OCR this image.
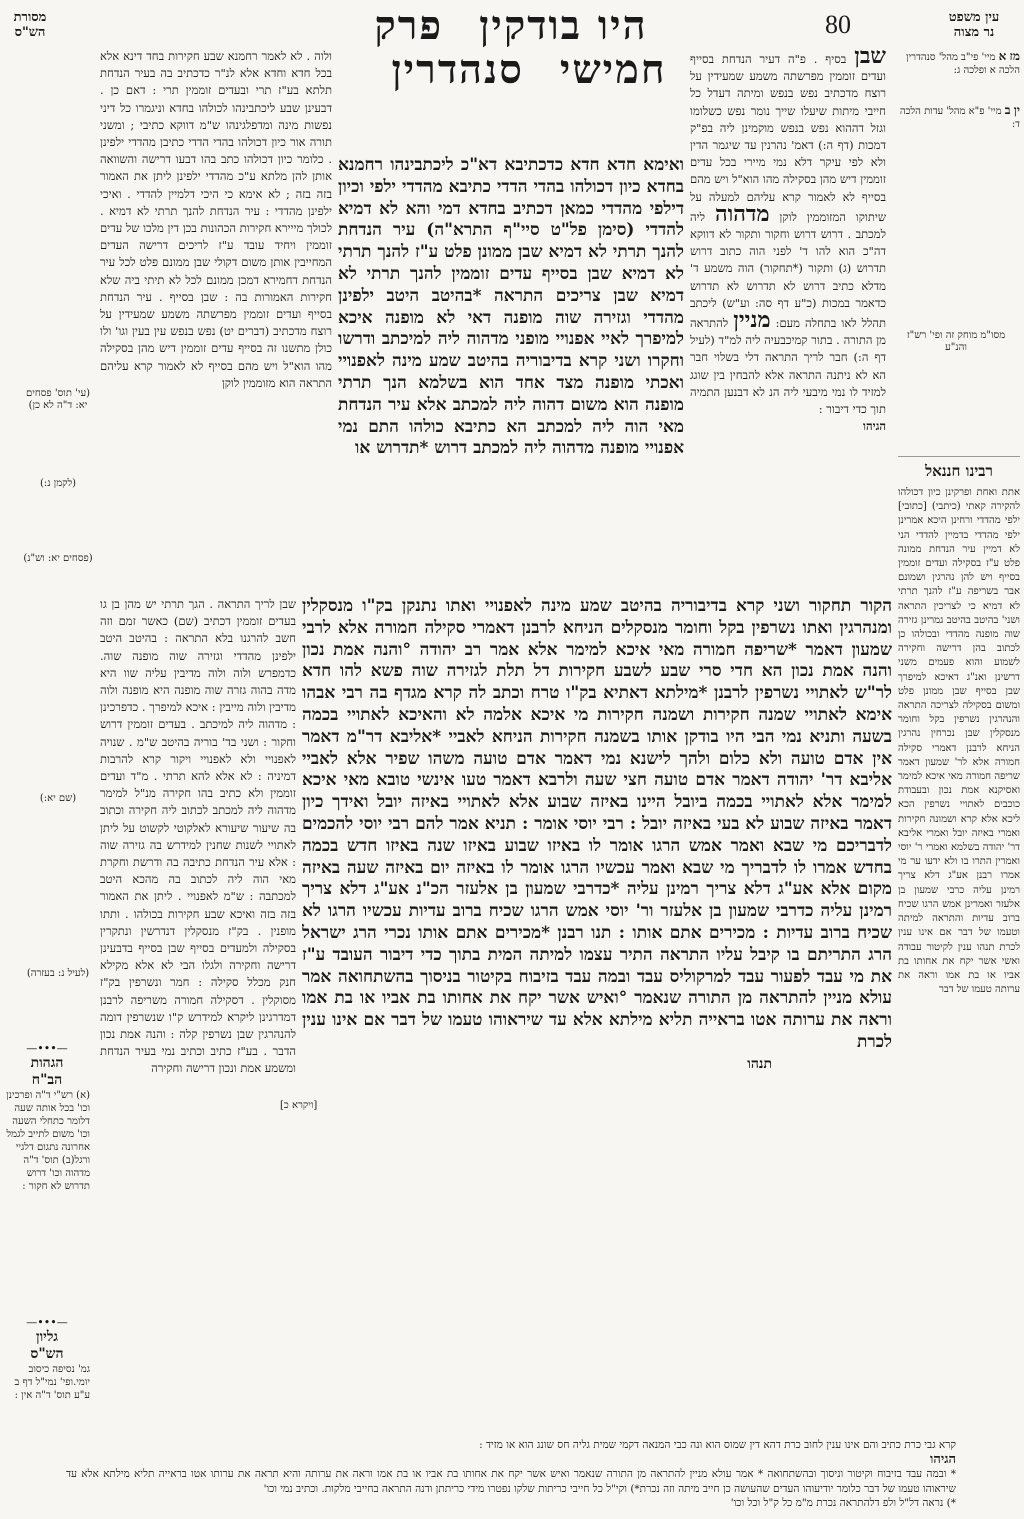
מסורת
הש"ס	היו בודקיןפרק חמישיסנהדרין
80	עין משפט
נר מצוה
מז א מיי' פי"ב מהל' סנהדרין הלכה א ופלכה ג:
ין ב מיי' פ"א מהל' עדות הלכה ד:
מסו"מ מוחק זה ופי' רש"ז והנ"ע
שבן בסיף . פ"ה דעיר הנדחת בסייף ועדים זוממין מפרשתה משמע שמעידין על רוצח מדכתיב נפש בנפש ומיתה דעדל כל חייבי מיתות שיעלו שייך נומר נפש כשלומו וגזל דההוא נפש בנפש מוקמינן ליה בפ"ק דמכות (דף ה:) דאמ' נהרנין עד שיגמר הדין ולא לפי עיקר דלא נמי מיירי בכל עדים זוממין דיש מהן בסקילה מהו הוא"ל ויש מהם בסייף לא לאמור קרא עליהם למעלה על שיתוקו המזוממין לוקן מדהוה ליה למכתב . דרוש דרוש וחקור ותקור לא דווקא דה"כ הוא להו ד' לפני הוה כתוב דרוש תדרוש (ג) ותקור (*תחקור) הוה משמע ד' מדלא כתיב דרוש לא תדרוש לא תדרוש כדאמר במכות (כ"ע דף סה: וע"ש) ליכתב תהלל לאו בתחלה מעם: מניין להתראה מן התורה . בתור קמיכבעיה ליה למ"ד (לעיל דף ה:) חבר לריך התראה דלי בשלוי חבר הא לא ניתנה התראה אלא להבחין בין שוגג למזיד לו נמי מיבעי ליה הנ לא דבנען התמיה תוך כדי דיבור :
הגיהו
רבינו חננאל
אתת ואחת ופרקינן כיון דכולהו להקירה קאתי (כיתבי) [כתובי] ילפי מהדדי ורחינן היכא אמרינן ילפי מהדדי בדמיין להדדי הני לא דמיין עיר הנדחת ממונה פלט ע"ז בסקילה ועדים זוממין בסייף ויש להן נהרגין ושמונם אבר בשריפה ע"ז להנך תרתי לא דמיא כי לצריכין התראה ושני' בהיטב בהיטב גמרינן גזירה שוה מופנה מהדדי ובכולהו כן לכתוב בהן דרישה וחקירה לשמוע והוא פעמים משני דרשינן ואנ"ג דאיכא למיפרך שבן בסייף שבן ממונן פלט ומשום בסקילה לצריכה התראה והנהרגין נשרפין בקל וחומר מנסקלין שבן נכרחין נהרגין הניחא לרבנן דאמרי סקילה חמורה אלא לר' שמעון דאמר שריפה חמורה מאי איכא למימר ואסיקנא אמת נכון ובעבודת כוכבים לאתויי נשרפין הכא ליכא אלא קרא ושמונה חקירות ואמרי באיזה יובל ואמרי אליבא דר' יהודה בשלמא ואמרי ר' יוסי ואמרין התרו בו ולא ידעו ער מי אמרו רבנן אע"ג דלא צריך רמינן עליה כרבי שמעון בן אלעזר ואמרינן אמש הרגו שכיח ברוב עדיות והתראה למיתה וטעמו של דבר אם אינו ענין לכרת תנהו ענין לקיטור עבודה ואשי אשר יקח את אחותו בת אביו או בת אמו וראה את ערותה טעמו של דבר
ולוה . לא לאמר רחמנא שבע חקירות בחד דינא אלא בכל חדא וחדא אלא לנ"ר כדכתיב בה בעיר הנדחת תלתא בע"ז תרי ובעדים זוממין תרי : דאם כן . דבעינן שבע ליכתבינהו לכולהו בחדא וניגמרו כל דיני נפשות מינה ומדפלגינהו ש"מ דווקא כתיבי ; ומשני תורה אור כיון דכולהו בהדי הדדי כתיבן מהדדי ילפינן . כלומר כיון דכולהו כתב בהו דבעו דרישה והשוואה אותן להן מלתא ע"כ מהדדי ילפינן ליתן את האמור בזה בזה ; לא אימא כי היכי דלמיין להדדי . ואיכי ילפינן מהדדי : עיר הנדחת להנך תרתי לא דמיא . לכולך מייירא חקירות הכהונות בכן דין מלכו של עדים זוממין ויחיד עובד ע"ז לריכים דרישה העדים המחייבין אותן משום דקולי שבן ממונם פלט לכל עיר הנדחת דחמירא דמכן ממונם לכל לא תיתי ביה שלא חקירות האמורות בה : שבן בסייף . עיר הנדחת בסייף ועדים זוממין מפרשתה משמע שמעידין על רוצח מדכתיב (דברים יט) נפש בנפש עין בעין וגו' ולו כולן מתשנו זה בסייף עדים זוממין דיש מהן בסקילה מהו הוא"ל ויש מהם בסייף לא לאמור קרא עליהם התראה הוא מזוממין לוקן
ואימא חדא חדא כדכתיבא דא"כ ליכתבינהו רחמנא בחדא כיון דכולהו בהדי הדדי כתיבא מהדדי ילפי וכיון דילפי מהדדי כמאן דכתיב בחדא דמי והא לא דמיא להדדי (סימן פל"ט סיי"ף התרא"ה) עיר הנדחת להנך תרתי לא דמיא שבן ממונן פלט ע"ז להנך תרתי לא דמיא שבן בסייף עדים זוממין להנך תרתי לא דמיא שבן צריכים התראה *בהיטב היטב ילפינן מהדדי וגזירה שוה מופנה דאי לא מופנה איכא למיפרך לאיי אפנויי מופני מדהוה ליה למיכתב ודרשו וחקרו ושני קרא בדיבוריה בהיטב שמע מינה לאפנויי ואכתי מופנה מצד אחד הוא בשלמא הנך תרתי מופנה הוא משום דהוה ליה למכתב אלא עיר הנדחת מאי הוה ליה למכתב הא כתיבא כולהו התם נמי אפנויי מופנה מדהוה ליה למכתב דרוש *תדרוש או
הקור תחקור ושני קרא בדיבוריה בהיטב שמע מינה לאפנויי ואתו נתנקן בק"ו מנסקלין ומנהרגין ואתו נשרפין בקל וחומר מנסקלים הניחא לרבנן דאמרי סקילה חמורה אלא לרבי שמעון דאמר *שריפה חמורה מאי איכא למימר אלא אמר רב יהודה °והנה אמת נכון והנה אמת נכון הא חדי סרי שבע לשבע חקירות דל תלת לגזירה שוה פשא להו חדא לר"ש לאתויי נשרפין לרבנן *מילתא דאתיא בק"ו טרח וכתב לה קרא מגדף בה רבי אבהו אימא לאתויי שמנה חקירות ושמנה חקירות מי איכא אלמה לא והאיכא לאתויי בכמה בשעה ותניא נמי הבי היו בודקן אותו בשמנה חקירות הניחא לאביי *אליבא דר"מ דאמר אין אדם טועה ולא כלום ולהך לישנא נמי דאמר אדם טועה משהו שפיר אלא לאביי אליבא דר' יהודה דאמר אדם טועה חצי שעה ולרבא דאמר טעו אינשי טובא מאי איכא למימר אלא לאתויי בכמה ביובל היינו באיזה שבוע אלא לאתויי באיזה יובל ואידך כיון דאמר באיזה שבוע לא בעי באיזה יובל : רבי יוסי אומר : תניא אמר להם רבי יוסי להכמים לדבריכם מי שבא ואמר אמש הרגו אומר לו באיזו שבוע באיזו שנה באיזו חדש בכמה בחדש אמרו לו לדבריך מי שבא ואמר עכשיו הרגו אומר לו באיזה יום באיזה שעה באיזה מקום אלא אע"ג דלא צריך רמינן עליה *כדרבי שמעון בן אלעזר הכ"נ אע"ג דלא צריך רמינן עליה כדרבי שמעון בן אלעזר ור' יוסי אמש הרגו שכיח ברוב עדיות עכשיו הרגו לא שכיח ברוב עדיות : מכירים אתם אותו : תנו רבנן *מכירים אתם אותו נכרי הרג ישראל הרג התריתם בו קיבל עליו התראה התיר עצמו למיתה המית בתוך כדי דיבור העובד ע"ז את מי עבד לפעור עבד למרקוליס עבד ובמה עבד בזיבוח בקיטור בניסוך בהשתחואה אמר עולא מניין להתראה מן התורה שנאמר °ואיש אשר יקח את אחותו בת אביו או בת אמו וראה את ערותה אטו בראייה תליא מילתא אלא עד שיראוהו טעמו של דבר אם אינו ענין לכרת
תנהו
[ויקרא כ]
שבן לריך התראה . הגך תרתי יש מהן בן גו בעדים זוממין דכתיב (שם) כאשר זמם וזה חשב להרגנו בלא התראה : בהיטב היטב ילפינן מהדדי וגזירה שוה מופנה שוה. כדמפרש ולוה ולוה מדיבין עליה שוו היא מדה בהוה גזרה שוה מופנה היא מופנה ולוה מדיבין ולוה מייבין : איכא למיפרך . כדפרכינן : מדהוה ליה למיכתב . בעדים זוממין דרוש וחקור : ושני בד' בוריה בהיטב ש"מ . שנויה לאפנויי ולא לאפנויי ויקור קרא להרבות דמיניה : לא אלא להא תרתי . מ"ד ועדים זוממין ולא כתיב בהו חקירה מנ"ל למימר מדהוה ליה למכתב לכתוב ליה חקירה וכתוב בה שיעור שיעורא לאלקוטי לקשוט על ליתן לאתויי לשנות שחנין למידרש בה גזירה שוה : אלא עיר הנדחת כתיבה בה ודרשת וחקרת מאי הוה ליה לכתוב בה מהכא היטב למכתבה : ש"מ לאפנויי . ליתן את האמור בזה בזה ואיכא שבע חקירות בכולהו . ותתו מופנין . בק"ז מנסקלין דנדרשין ונתקרין בסקילה ולמעדים בסייף שבן בסייף בדבעינן דרישה וחקירה ולגלו הבי לא אלא מקילא חנק מכלל סקילה : חמר ונשרפין בק"ז מסוקלין . דסקילה חמורה משריפה לרבנן דמדרגינן ליקרא למידרש ק"ו שנשרפין דומה להנהרגין שבן נשרפין קלה : והנה אמת נכון הדבר . בע"ז כתיב וכתיב נמי בעיר הנדחת ומשמע אמת ונכון דרישה וחקירה
(עי' תוס' פסחים יא: ד"ה לא כן)
(לקמן נ:)
(פסחים יא: וש"נ)
(שם יא:)
(לעיל נ: בעזרה)
—•••—
הגהות
הב"ח
(א) רש"י ד"ה ופרכינן וכו' בכל אותה שעה דלומר כתחלי השעה וכו' משום לתייב לגמל אחרונה נתגום דלגיי ורגל(ב) תוס' ד"ה מדהוה וכו' דרוש תדרוש לא חקור :
—•••—
גליון
הש"ס
גמ' נסיפה כיסוב יומי.ופי' נמי"ל דף ב ע"ע תוס' ד"ה אין :
קרא גבי כרת כתיב והם אינו ענין לחוב כרת דהא דין שמוס הוא ונה כבי המנאה דקמי שמית גליה חס שונג הוא או מזיד :
הגיהו
* ובמה עבד בזיבוח וקיטור וניסוך ובהשתחואה * אמר עולא מניין להתראה מן התורה שנאמר ואיש אשר יקח את אחותו בת אביו או בת אמו וראה את ערותה והיא תראה את ערותו אטו בראייה תליא מילתא אלא עד שיראוהו טעמו של דבר כלומר יודיעוהו העדים שהעושה כן חייב מיתה וזה נכרת*) וקי"ל כל חייבי כריתות שלקו נפטרו מידי כריתתן ודנה התראה בחייבי מלקות. וכתיב נמי וכו'
*) נראה דל"ל ולפ דלהתראה נכרת מ"מ כל ק"ל וכל וכו'
